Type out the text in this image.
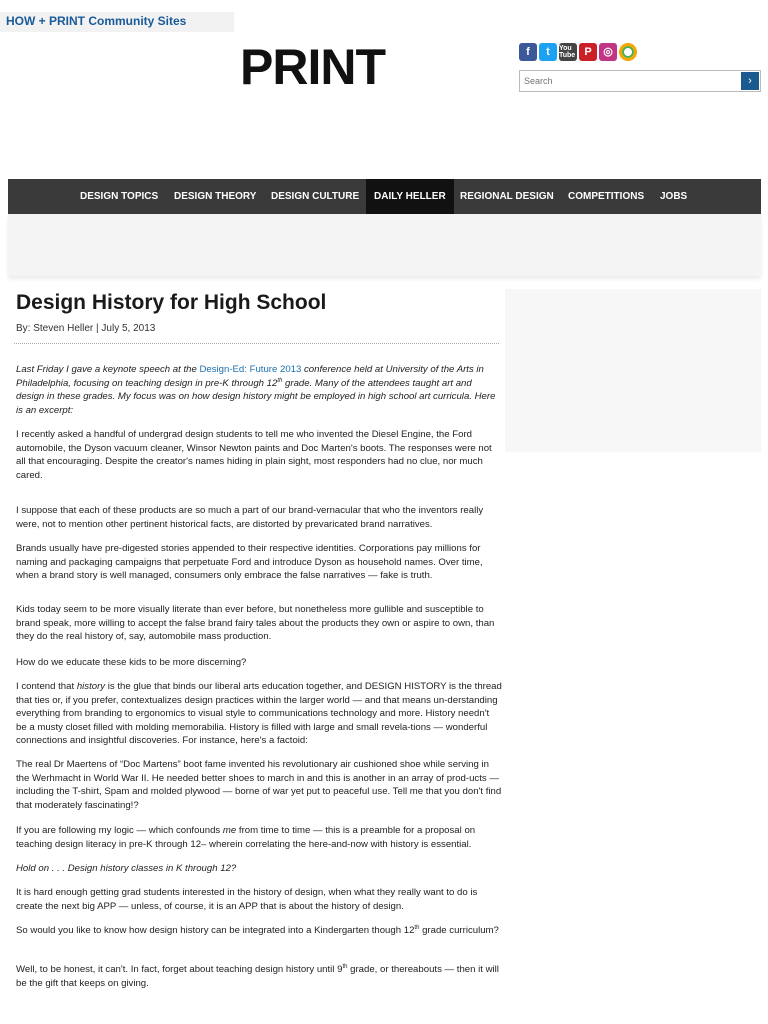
HOW + PRINT Community Sites
PRINT	f	t	You Tube P	◎
Search
›
DESIGN TOPICS	DESIGN THEORY	DESIGN CULTURE	DAILY HELLER	REGIONAL DESIGN	COMPETITIONS	JOBS
Design History for High School
By: Steven Heller | July 5, 2013

Last Friday I gave a keynote speech at the Design-Ed: Future 2013 conference held at University of the Arts in Philadelphia, focusing on teaching design in pre-K through 12th grade. Many of the attendees taught art and design in these grades. My focus was on how design history might be employed in high school art curricula. Here is an excerpt:

I recently asked a handful of undergrad design students to tell me who invented the Diesel Engine, the Ford automobile, the Dyson vacuum cleaner, Winsor Newton paints and Doc Marten's boots. The responses were not all that encouraging. Despite the creator's names hiding in plain sight, most responders had no clue, nor much cared.

I suppose that each of these products are so much a part of our brand-vernacular that who the inventors really were, not to mention other pertinent historical facts, are distorted by prevaricated brand narratives.

Brands usually have pre-digested stories appended to their respective identities. Corporations pay millions for naming and packaging campaigns that perpetuate Ford and introduce Dyson as household names. Over time, when a brand story is well managed, consumers only embrace the false narratives — fake is truth.

Kids today seem to be more visually literate than ever before, but nonetheless more gullible and susceptible to brand speak, more willing to accept the false brand fairy tales about the products they own or aspire to own, than they do the real history of, say, automobile mass production.

How do we educate these kids to be more discerning?

I contend that history is the glue that binds our liberal arts education together, and DESIGN HISTORY is the thread that ties or, if you prefer, contextualizes design practices within the larger world — and that means un-derstanding everything from branding to ergonomics to visual style to communications technology and more. History needn't be a musty closet filled with molding memorabilia. History is filled with large and small revela-tions — wonderful connections and insightful discoveries. For instance, here's a factoid:

The real Dr Maertens of “Doc Martens” boot fame invented his revolutionary air cushioned shoe while serving in the Werhmacht in World War II. He needed better shoes to march in and this is another in an array of prod-ucts — including the T-shirt, Spam and molded plywood — borne of war yet put to peaceful use. Tell me that you don't find that moderately fascinating!?

If you are following my logic — which confounds me from time to time — this is a preamble for a proposal on teaching design literacy in pre-K through 12– wherein correlating the here-and-now with history is essential.

Hold on . . . Design history classes in K through 12?

It is hard enough getting grad students interested in the history of design, when what they really want to do is create the next big APP — unless, of course, it is an APP that is about the history of design.

So would you like to know how design history can be integrated into a Kindergarten though 12th grade curriculum?

Well, to be honest, it can't. In fact, forget about teaching design history until 9th grade, or thereabouts — then it will be the gift that keeps on giving.
